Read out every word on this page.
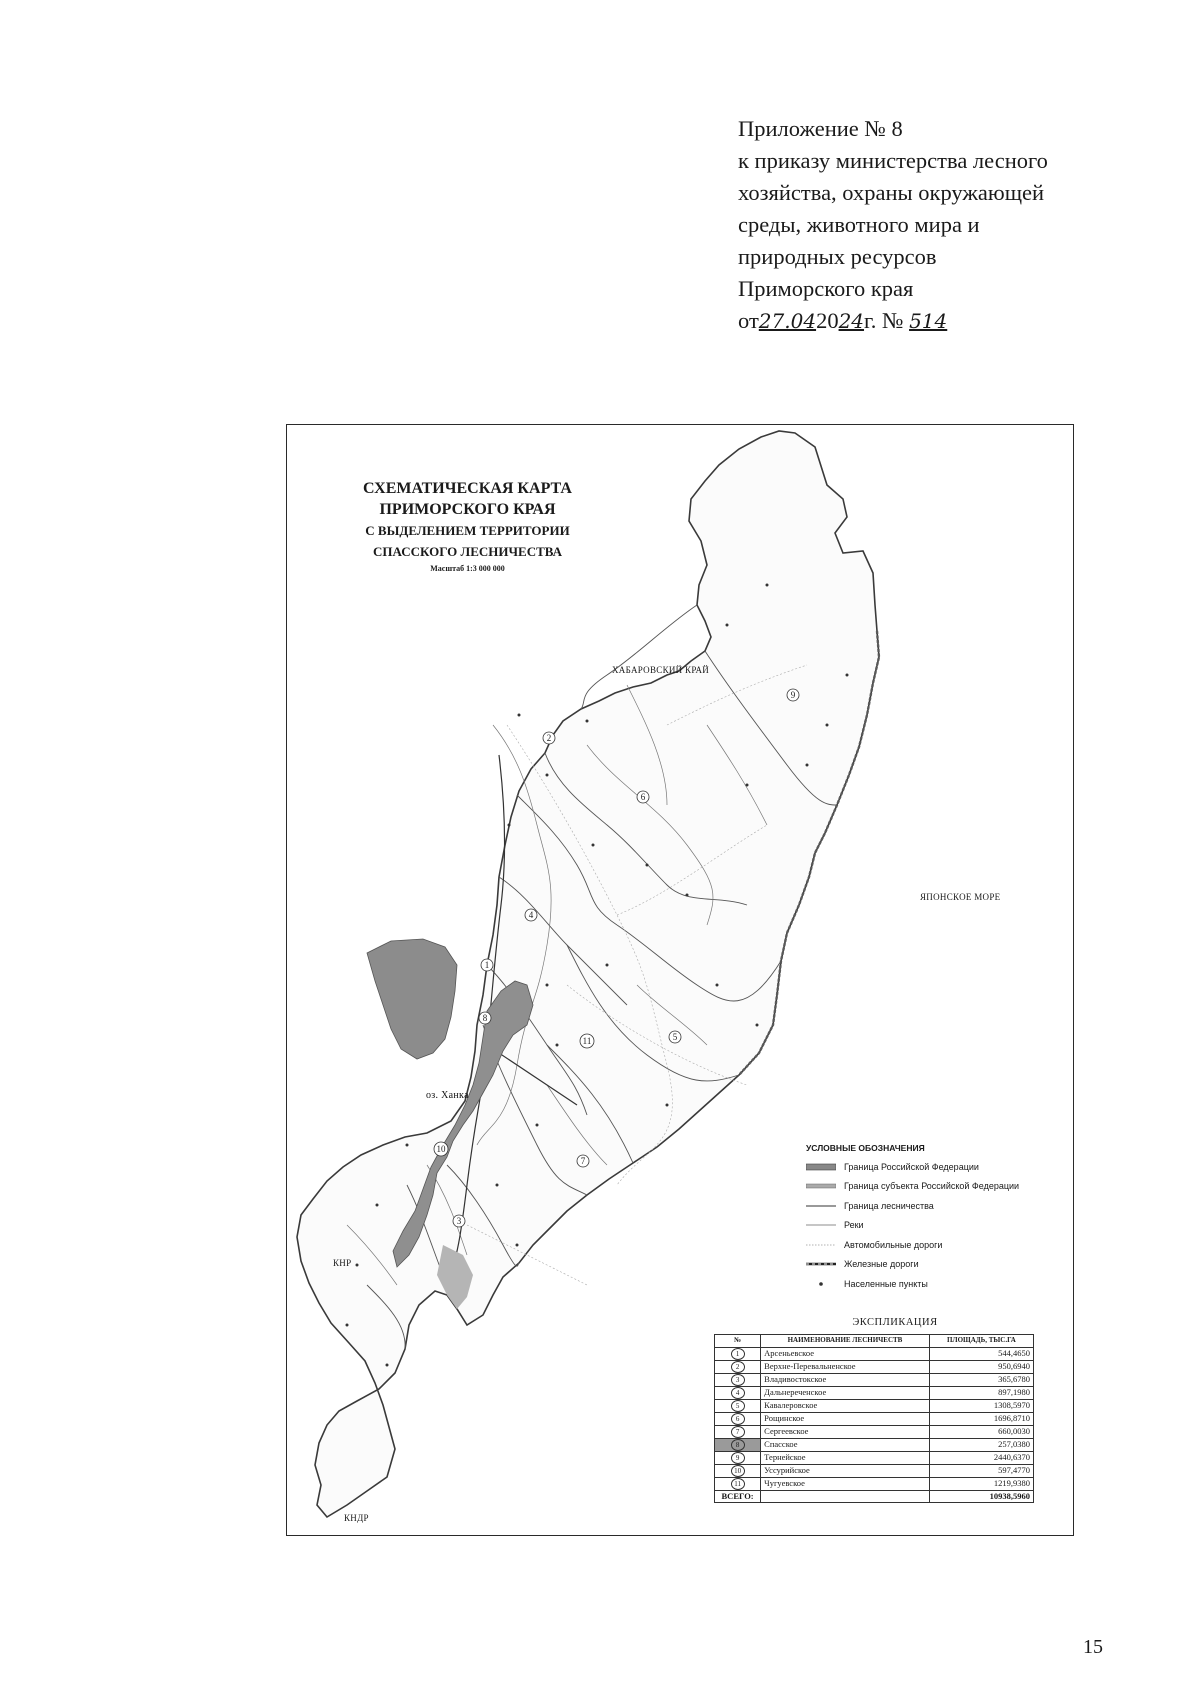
Приложение № 8
к приказу министерства лесного
хозяйства, охраны окружающей
среды, животного мира и
природных ресурсов
Приморского края
от27.042024г. № 514
1
2
3
4
5
6
7
8
9
10
11
СХЕМАТИЧЕСКАЯ КАРТА
ПРИМОРСКОГО КРАЯ
С ВЫДЕЛЕНИЕМ ТЕРРИТОРИИ
СПАССКОГО ЛЕСНИЧЕСТВА
Масштаб 1:3 000 000
ХАБАРОВСКИЙ КРАЙ
ЯПОНСКОЕ МОРЕ
КНР
КНДР
оз. Ханка
УСЛОВНЫЕ ОБОЗНАЧЕНИЯ
Граница Российской Федерации
Граница субъекта Российской Федерации
Граница лесничества
Реки
Автомобильные дороги
Железные дороги
Населенные пункты
ЭКСПЛИКАЦИЯ
№	НАИМЕНОВАНИЕ ЛЕСНИЧЕСТВ	ПЛОЩАДЬ, ТЫС.ГА
1	Арсеньевское	544,4650
2	Верхне-Перевальненское	950,6940
3	Владивостокское	365,6780
4	Дальнереченское	897,1980
5	Кавалеровское	1308,5970
6	Рощинское	1696,8710
7	Сергеевское	660,0030
8	Спасское	257,0380
9	Тернейское	2440,6370
10	Уссурийское	597,4770
11	Чугуевское	1219,9380
ВСЕГО:		10938,5960
15
